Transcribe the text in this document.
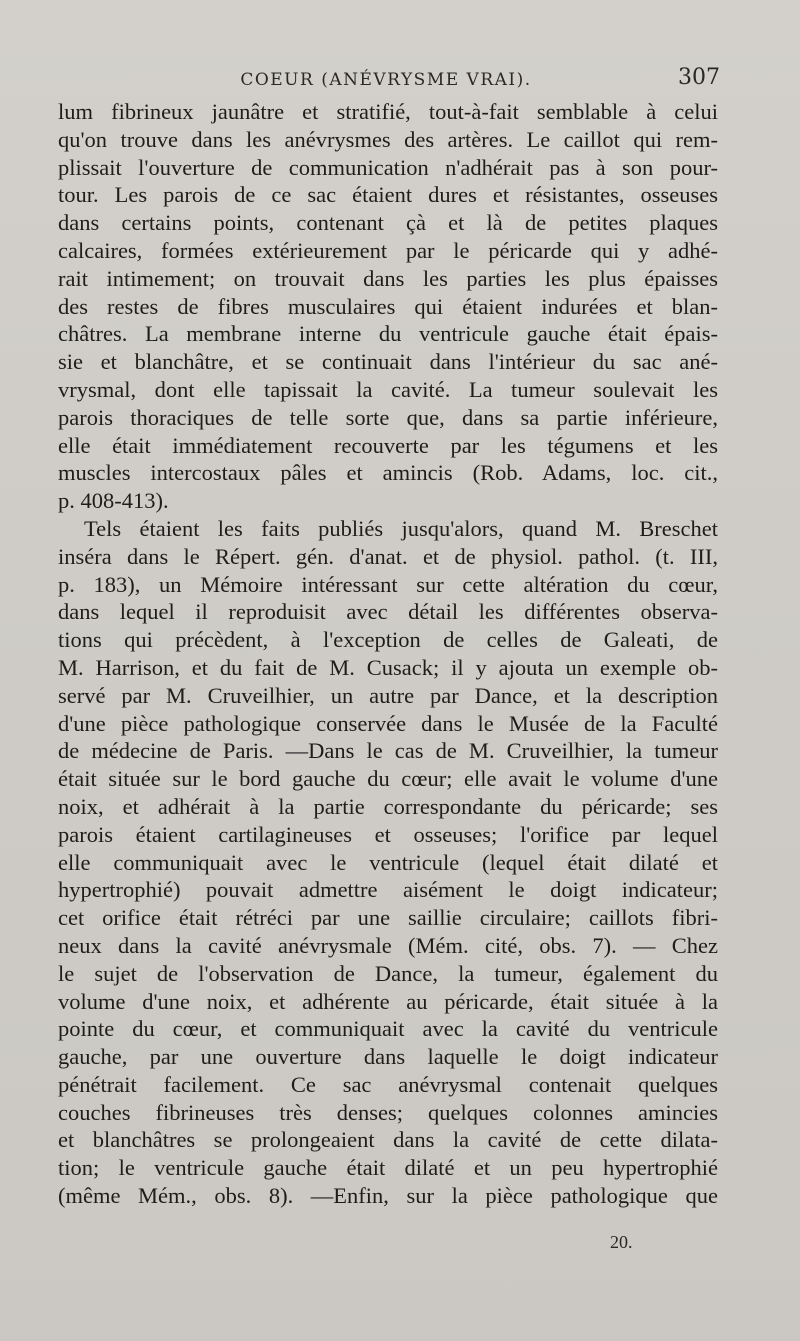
COEUR (ANÉVRYSME VRAI).	307
lum fibrineux jaunâtre et stratifié, tout-à-fait semblable à celui
qu'on trouve dans les anévrysmes des artères. Le caillot qui rem-
plissait l'ouverture de communication n'adhérait pas à son pour-
tour. Les parois de ce sac étaient dures et résistantes, osseuses
dans certains points, contenant çà et là de petites plaques
calcaires, formées extérieurement par le péricarde qui y adhé-
rait intimement; on trouvait dans les parties les plus épaisses
des restes de fibres musculaires qui étaient indurées et blan-
châtres. La membrane interne du ventricule gauche était épais-
sie et blanchâtre, et se continuait dans l'intérieur du sac ané-
vrysmal, dont elle tapissait la cavité. La tumeur soulevait les
parois thoraciques de telle sorte que, dans sa partie inférieure,
elle était immédiatement recouverte par les tégumens et les
muscles intercostaux pâles et amincis (Rob. Adams, loc. cit.,
p. 408-413).
Tels étaient les faits publiés jusqu'alors, quand M. Breschet
inséra dans le Répert. gén. d'anat. et de physiol. pathol. (t. III,
p. 183), un Mémoire intéressant sur cette altération du cœur,
dans lequel il reproduisit avec détail les différentes observa-
tions qui précèdent, à l'exception de celles de Galeati, de
M. Harrison, et du fait de M. Cusack; il y ajouta un exemple ob-
servé par M. Cruveilhier, un autre par Dance, et la description
d'une pièce pathologique conservée dans le Musée de la Faculté
de médecine de Paris. —Dans le cas de M. Cruveilhier, la tumeur
était située sur le bord gauche du cœur; elle avait le volume d'une
noix, et adhérait à la partie correspondante du péricarde; ses
parois étaient cartilagineuses et osseuses; l'orifice par lequel
elle communiquait avec le ventricule (lequel était dilaté et
hypertrophié) pouvait admettre aisément le doigt indicateur;
cet orifice était rétréci par une saillie circulaire; caillots fibri-
neux dans la cavité anévrysmale (Mém. cité, obs. 7). — Chez
le sujet de l'observation de Dance, la tumeur, également du
volume d'une noix, et adhérente au péricarde, était située à la
pointe du cœur, et communiquait avec la cavité du ventricule
gauche, par une ouverture dans laquelle le doigt indicateur
pénétrait facilement. Ce sac anévrysmal contenait quelques
couches fibrineuses très denses; quelques colonnes amincies
et blanchâtres se prolongeaient dans la cavité de cette dilata-
tion; le ventricule gauche était dilaté et un peu hypertrophié
(même Mém., obs. 8). —Enfin, sur la pièce pathologique que
20.
